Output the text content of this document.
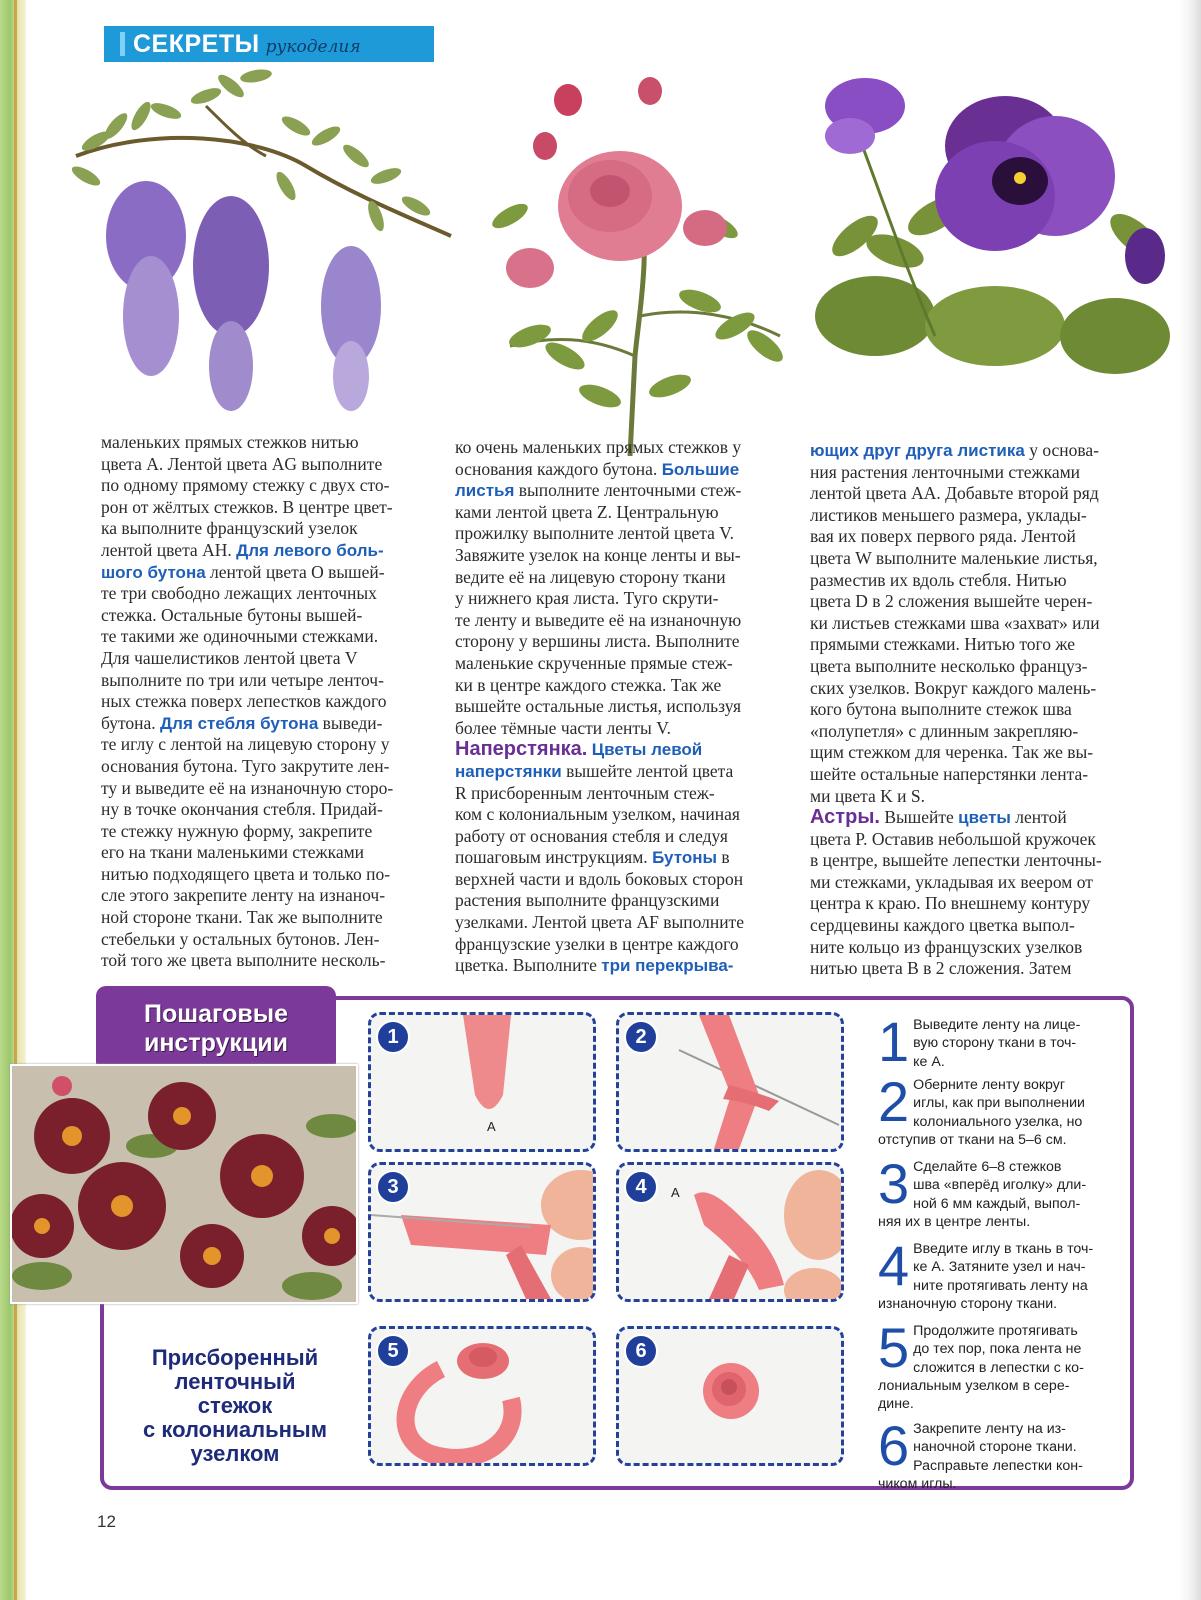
СЕКРЕТЫ рукоделия

маленьких прямых стежков нитью

цвета A. Лентой цвета AG выполните

по одному прямому стежку с двух сто-

рон от жёлтых стежков. В центре цвет-

ка выполните французский узелок

лентой цвета AH. Для левого боль-

шого бутона лентой цвета O вышей-

те три свободно лежащих ленточных

стежка. Остальные бутоны вышей-

те такими же одиночными стежками.

Для чашелистиков лентой цвета V

выполните по три или четыре ленточ-

ных стежка поверх лепестков каждого

бутона. Для стебля бутона выведи-

те иглу с лентой на лицевую сторону у

основания бутона. Туго закрутите лен-

ту и выведите её на изнаночную сторо-

ну в точке окончания стебля. Придай-

те стежку нужную форму, закрепите

его на ткани маленькими стежками

нитью подходящего цвета и только по-

сле этого закрепите ленту на изнаноч-

ной стороне ткани. Так же выполните

стебельки у остальных бутонов. Лен-

той того же цвета выполните несколь-

ко очень маленьких прямых стежков у

основания каждого бутона. Большие

листья выполните ленточными стеж-

ками лентой цвета Z. Центральную

прожилку выполните лентой цвета V.

Завяжите узелок на конце ленты и вы-

ведите её на лицевую сторону ткани

у нижнего края листа. Туго скрути-

те ленту и выведите её на изнаночную

сторону у вершины листа. Выполните

маленькие скрученные прямые стеж-

ки в центре каждого стежка. Так же

вышейте остальные листья, используя

более тёмные части ленты V.

Наперстянка. Цветы левой

наперстянки вышейте лентой цвета

R присборенным ленточным стеж-

ком с колониальным узелком, начиная

работу от основания стебля и следуя

пошаговым инструкциям. Бутоны в

верхней части и вдоль боковых сторон

растения выполните французскими

узелками. Лентой цвета AF выполните

французские узелки в центре каждого

цветка. Выполните три перекрыва-

ющих друг друга листика у основа-

ния растения ленточными стежками

лентой цвета AA. Добавьте второй ряд

листиков меньшего размера, уклады-

вая их поверх первого ряда. Лентой

цвета W выполните маленькие листья,

разместив их вдоль стебля. Нитью

цвета D в 2 сложения вышейте черен-

ки листьев стежками шва «захват» или

прямыми стежками. Нитью того же

цвета выполните несколько француз-

ских узелков. Вокруг каждого малень-

кого бутона выполните стежок шва

«полупетля» с длинным закрепляю-

щим стежком для черенка. Так же вы-

шейте остальные наперстянки лента-

ми цвета K и S.

Астры. Вышейте цветы лентой

цвета P. Оставив небольшой кружочек

в центре, вышейте лепестки ленточны-

ми стежками, укладывая их веером от

центра к краю. По внешнему контуру

сердцевины каждого цветка выпол-

ните кольцо из французских узелков

нитью цвета B в 2 сложения. Затем

Пошаговые
инструкции
Присборенный
ленточный
стежок
с колониальным
узелком
1
A
2
3	4	A
5	6
1 Выведите ленту на лице-
вую сторону ткани в точ-
ке A.
2 Оберните ленту вокруг
иглы, как при выполнении
колониального узелка, но
отступив от ткани на 5–6 см.
3 Сделайте 6–8 стежков
шва «вперёд иголку» дли-
ной 6 мм каждый, выпол-
няя их в центре ленты.
4 Введите иглу в ткань в точ-
ке A. Затяните узел и нач-
ните протягивать ленту на
изнаночную сторону ткани.
5 Продолжите протягивать
до тех пор, пока лента не
сложится в лепестки с ко-
лониальным узелком в сере-
дине.
6 Закрепите ленту на из-
наночной стороне ткани.
Расправьте лепестки кон-
чиком иглы.
12
